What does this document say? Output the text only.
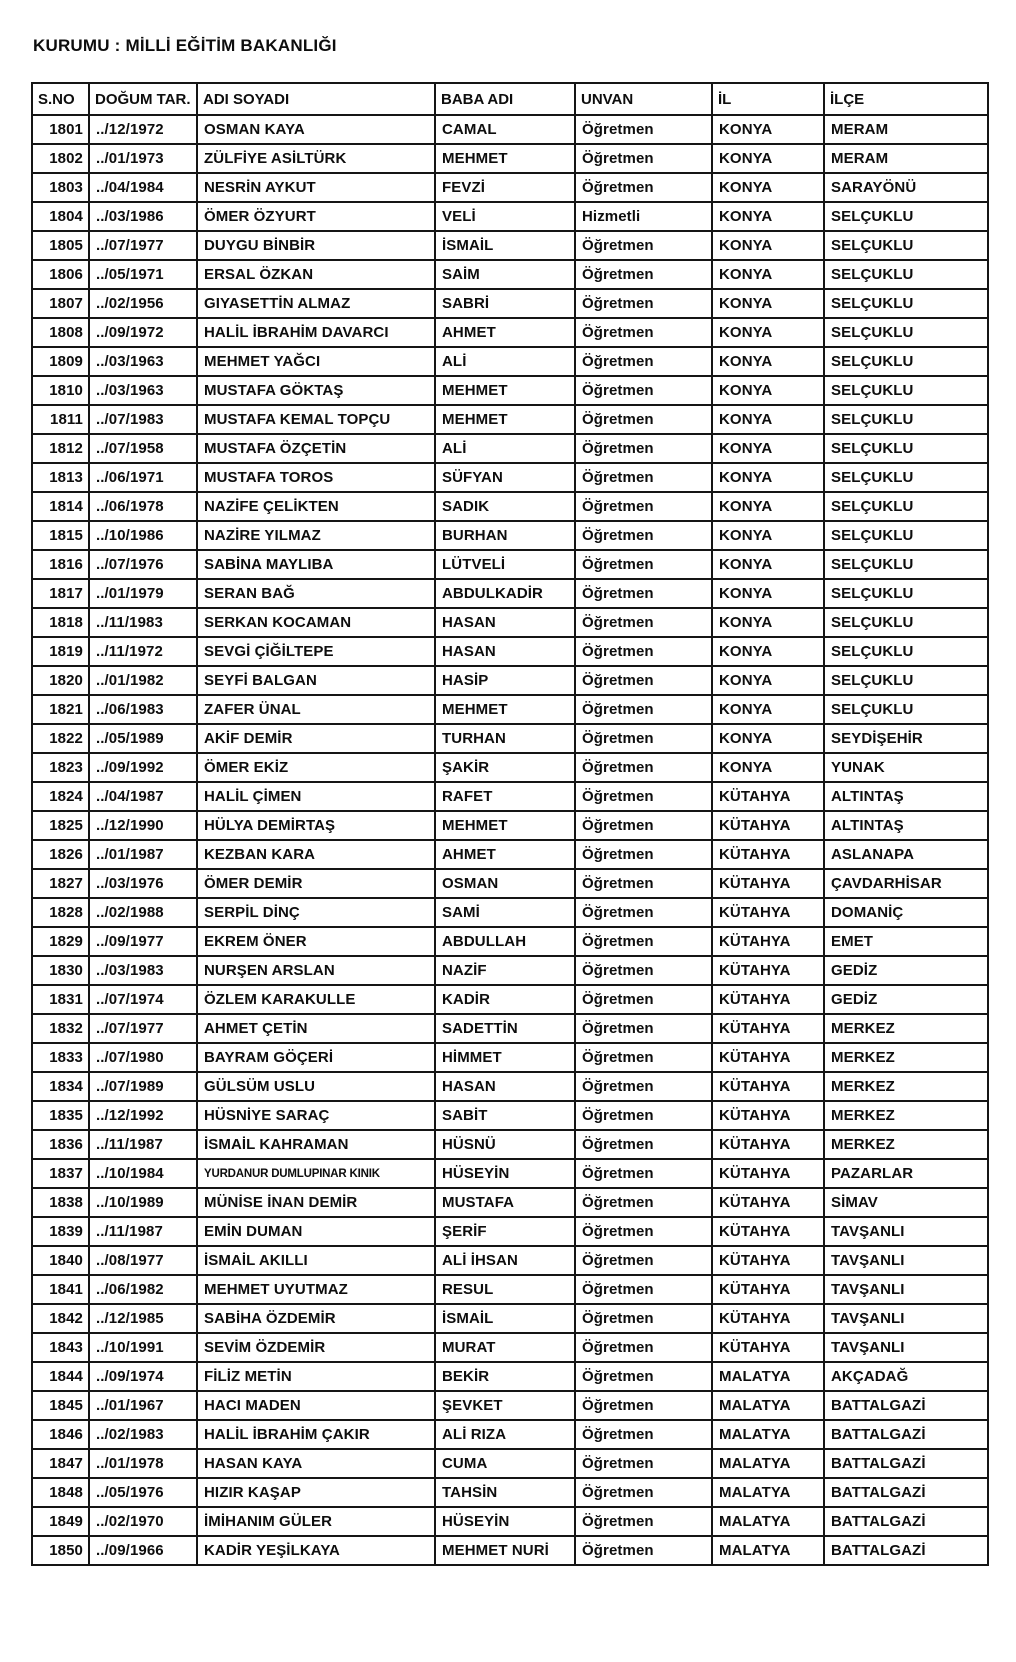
KURUMU : MİLLİ EĞİTİM BAKANLIĞI
S.NO	DOĞUM TAR.	ADI SOYADI	BABA ADI	UNVAN	İL	İLÇE
1801	../12/1972	OSMAN KAYA	CAMAL	Öğretmen	KONYA	MERAM
1802	../01/1973	ZÜLFİYE ASİLTÜRK	MEHMET	Öğretmen	KONYA	MERAM
1803	../04/1984	NESRİN AYKUT	FEVZİ	Öğretmen	KONYA	SARAYÖNÜ
1804	../03/1986	ÖMER ÖZYURT	VELİ	Hizmetli	KONYA	SELÇUKLU
1805	../07/1977	DUYGU BİNBİR	İSMAİL	Öğretmen	KONYA	SELÇUKLU
1806	../05/1971	ERSAL ÖZKAN	SAİM	Öğretmen	KONYA	SELÇUKLU
1807	../02/1956	GIYASETTİN ALMAZ	SABRİ	Öğretmen	KONYA	SELÇUKLU
1808	../09/1972	HALİL İBRAHİM DAVARCI	AHMET	Öğretmen	KONYA	SELÇUKLU
1809	../03/1963	MEHMET YAĞCI	ALİ	Öğretmen	KONYA	SELÇUKLU
1810	../03/1963	MUSTAFA GÖKTAŞ	MEHMET	Öğretmen	KONYA	SELÇUKLU
1811	../07/1983	MUSTAFA KEMAL TOPÇU	MEHMET	Öğretmen	KONYA	SELÇUKLU
1812	../07/1958	MUSTAFA ÖZÇETİN	ALİ	Öğretmen	KONYA	SELÇUKLU
1813	../06/1971	MUSTAFA TOROS	SÜFYAN	Öğretmen	KONYA	SELÇUKLU
1814	../06/1978	NAZİFE ÇELİKTEN	SADIK	Öğretmen	KONYA	SELÇUKLU
1815	../10/1986	NAZİRE YILMAZ	BURHAN	Öğretmen	KONYA	SELÇUKLU
1816	../07/1976	SABİNA MAYLIBA	LÜTVELİ	Öğretmen	KONYA	SELÇUKLU
1817	../01/1979	SERAN BAĞ	ABDULKADİR	Öğretmen	KONYA	SELÇUKLU
1818	../11/1983	SERKAN KOCAMAN	HASAN	Öğretmen	KONYA	SELÇUKLU
1819	../11/1972	SEVGİ ÇİĞİLTEPE	HASAN	Öğretmen	KONYA	SELÇUKLU
1820	../01/1982	SEYFİ BALGAN	HASİP	Öğretmen	KONYA	SELÇUKLU
1821	../06/1983	ZAFER ÜNAL	MEHMET	Öğretmen	KONYA	SELÇUKLU
1822	../05/1989	AKİF DEMİR	TURHAN	Öğretmen	KONYA	SEYDİŞEHİR
1823	../09/1992	ÖMER EKİZ	ŞAKİR	Öğretmen	KONYA	YUNAK
1824	../04/1987	HALİL ÇİMEN	RAFET	Öğretmen	KÜTAHYA	ALTINTAŞ
1825	../12/1990	HÜLYA DEMİRTAŞ	MEHMET	Öğretmen	KÜTAHYA	ALTINTAŞ
1826	../01/1987	KEZBAN KARA	AHMET	Öğretmen	KÜTAHYA	ASLANAPA
1827	../03/1976	ÖMER DEMİR	OSMAN	Öğretmen	KÜTAHYA	ÇAVDARHİSAR
1828	../02/1988	SERPİL DİNÇ	SAMİ	Öğretmen	KÜTAHYA	DOMANİÇ
1829	../09/1977	EKREM ÖNER	ABDULLAH	Öğretmen	KÜTAHYA	EMET
1830	../03/1983	NURŞEN ARSLAN	NAZİF	Öğretmen	KÜTAHYA	GEDİZ
1831	../07/1974	ÖZLEM KARAKULLE	KADİR	Öğretmen	KÜTAHYA	GEDİZ
1832	../07/1977	AHMET ÇETİN	SADETTİN	Öğretmen	KÜTAHYA	MERKEZ
1833	../07/1980	BAYRAM GÖÇERİ	HİMMET	Öğretmen	KÜTAHYA	MERKEZ
1834	../07/1989	GÜLSÜM USLU	HASAN	Öğretmen	KÜTAHYA	MERKEZ
1835	../12/1992	HÜSNİYE SARAÇ	SABİT	Öğretmen	KÜTAHYA	MERKEZ
1836	../11/1987	İSMAİL KAHRAMAN	HÜSNÜ	Öğretmen	KÜTAHYA	MERKEZ
1837	../10/1984	YURDANUR DUMLUPINAR KINIK	HÜSEYİN	Öğretmen	KÜTAHYA	PAZARLAR
1838	../10/1989	MÜNİSE İNAN DEMİR	MUSTAFA	Öğretmen	KÜTAHYA	SİMAV
1839	../11/1987	EMİN DUMAN	ŞERİF	Öğretmen	KÜTAHYA	TAVŞANLI
1840	../08/1977	İSMAİL AKILLI	ALİ İHSAN	Öğretmen	KÜTAHYA	TAVŞANLI
1841	../06/1982	MEHMET UYUTMAZ	RESUL	Öğretmen	KÜTAHYA	TAVŞANLI
1842	../12/1985	SABİHA ÖZDEMİR	İSMAİL	Öğretmen	KÜTAHYA	TAVŞANLI
1843	../10/1991	SEVİM ÖZDEMİR	MURAT	Öğretmen	KÜTAHYA	TAVŞANLI
1844	../09/1974	FİLİZ METİN	BEKİR	Öğretmen	MALATYA	AKÇADAĞ
1845	../01/1967	HACI MADEN	ŞEVKET	Öğretmen	MALATYA	BATTALGAZİ
1846	../02/1983	HALİL İBRAHİM ÇAKIR	ALİ RIZA	Öğretmen	MALATYA	BATTALGAZİ
1847	../01/1978	HASAN KAYA	CUMA	Öğretmen	MALATYA	BATTALGAZİ
1848	../05/1976	HIZIR KAŞAP	TAHSİN	Öğretmen	MALATYA	BATTALGAZİ
1849	../02/1970	İMİHANIM GÜLER	HÜSEYİN	Öğretmen	MALATYA	BATTALGAZİ
1850	../09/1966	KADİR YEŞİLKAYA	MEHMET NURİ	Öğretmen	MALATYA	BATTALGAZİ
